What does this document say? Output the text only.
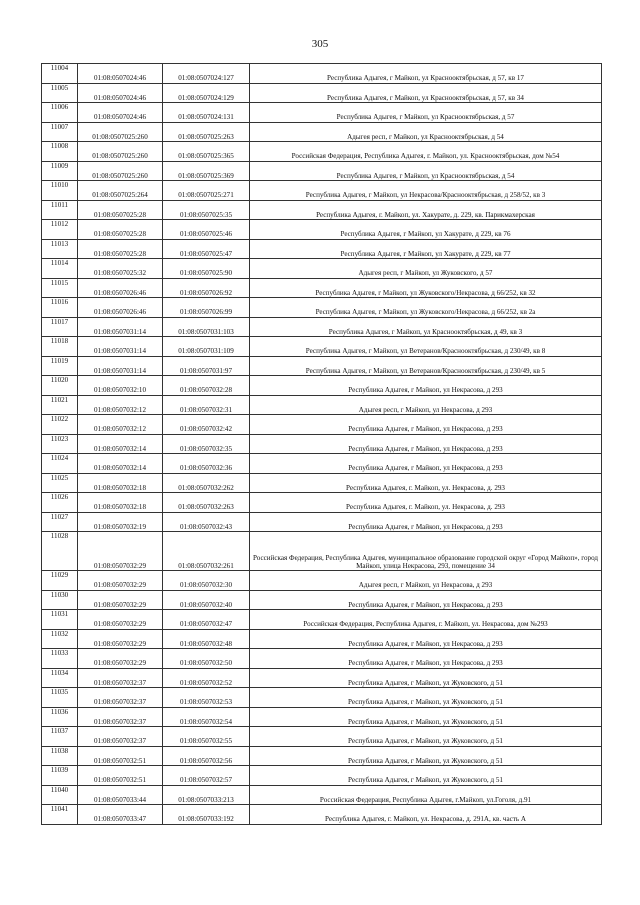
305
11004	01:08:0507024:46	01:08:0507024:127	Республика Адыгея, г Майкоп, ул Краснооктябрьская, д 57, кв 17
11005	01:08:0507024:46	01:08:0507024:129	Республика Адыгея, г Майкоп, ул Краснооктябрьская, д 57, кв 34
11006	01:08:0507024:46	01:08:0507024:131	Республика Адыгея, г Майкоп, ул Краснооктябрьская, д 57
11007	01:08:0507025:260	01:08:0507025:263	Адыгея респ, г Майкоп, ул Краснооктябрьская, д 54
11008	01:08:0507025:260	01:08:0507025:365	Российская Федерация, Республика Адыгея, г. Майкоп, ул. Краснооктябрьская, дом №54
11009	01:08:0507025:260	01:08:0507025:369	Республика Адыгея, г Майкоп, ул Краснооктябрьская, д 54
11010	01:08:0507025:264	01:08:0507025:271	Республика Адыгея, г Майкоп, ул Некрасова/Краснооктябрьская, д 258/52, кв 3
11011	01:08:0507025:28	01:08:0507025:35	Республика Адыгея, г. Майкоп, ул. Хакурате, д. 229, кв. Парикмахерская
11012	01:08:0507025:28	01:08:0507025:46	Республика Адыгея, г Майкоп, ул Хакурате, д 229, кв 76
11013	01:08:0507025:28	01:08:0507025:47	Республика Адыгея, г Майкоп, ул Хакурате, д 229, кв 77
11014	01:08:0507025:32	01:08:0507025:90	Адыгея респ, г Майкоп, ул Жуковского, д 57
11015	01:08:0507026:46	01:08:0507026:92	Республика Адыгея, г Майкоп, ул Жуковского/Некрасова, д 66/252, кв 32
11016	01:08:0507026:46	01:08:0507026:99	Республика Адыгея, г Майкоп, ул Жуковского/Некрасова, д 66/252, кв 2а
11017	01:08:0507031:14	01:08:0507031:103	Республика Адыгея, г Майкоп, ул Краснооктябрьская, д 49, кв 3
11018	01:08:0507031:14	01:08:0507031:109	Республика Адыгея, г Майкоп, ул Ветеранов/Краснооктябрьская, д 230/49, кв 8
11019	01:08:0507031:14	01:08:0507031:97	Республика Адыгея, г Майкоп, ул Ветеранов/Краснооктябрьская, д 230/49, кв 5
11020	01:08:0507032:10	01:08:0507032:28	Республика Адыгея, г Майкоп, ул Некрасова, д 293
11021	01:08:0507032:12	01:08:0507032:31	Адыгея респ, г Майкоп, ул Некрасова, д 293
11022	01:08:0507032:12	01:08:0507032:42	Республика Адыгея, г Майкоп, ул Некрасова, д 293
11023	01:08:0507032:14	01:08:0507032:35	Республика Адыгея, г Майкоп, ул Некрасова, д 293
11024	01:08:0507032:14	01:08:0507032:36	Республика Адыгея, г Майкоп, ул Некрасова, д 293
11025	01:08:0507032:18	01:08:0507032:262	Республика Адыгея, г. Майкоп, ул. Некрасова, д. 293
11026	01:08:0507032:18	01:08:0507032:263	Республика Адыгея, г. Майкоп, ул. Некрасова, д. 293
11027	01:08:0507032:19	01:08:0507032:43	Республика Адыгея, г Майкоп, ул Некрасова, д 293
11028	01:08:0507032:29	01:08:0507032:261	Российская Федерация, Республика Адыгея, муниципальное образование городской округ «Город Майкоп», город Майкоп, улица Некрасова, 293, помещение 34
11029	01:08:0507032:29	01:08:0507032:30	Адыгея респ, г Майкоп, ул Некрасова, д 293
11030	01:08:0507032:29	01:08:0507032:40	Республика Адыгея, г Майкоп, ул Некрасова, д 293
11031	01:08:0507032:29	01:08:0507032:47	Российская Федерация, Республика Адыгея, г. Майкоп, ул. Некрасова, дом №293
11032	01:08:0507032:29	01:08:0507032:48	Республика Адыгея, г Майкоп, ул Некрасова, д 293
11033	01:08:0507032:29	01:08:0507032:50	Республика Адыгея, г Майкоп, ул Некрасова, д 293
11034	01:08:0507032:37	01:08:0507032:52	Республика Адыгея, г Майкоп, ул Жуковского, д 51
11035	01:08:0507032:37	01:08:0507032:53	Республика Адыгея, г Майкоп, ул Жуковского, д 51
11036	01:08:0507032:37	01:08:0507032:54	Республика Адыгея, г Майкоп, ул Жуковского, д 51
11037	01:08:0507032:37	01:08:0507032:55	Республика Адыгея, г Майкоп, ул Жуковского, д 51
11038	01:08:0507032:51	01:08:0507032:56	Республика Адыгея, г Майкоп, ул Жуковского, д 51
11039	01:08:0507032:51	01:08:0507032:57	Республика Адыгея, г Майкоп, ул Жуковского, д 51
11040	01:08:0507033:44	01:08:0507033:213	Российская Федерация, Республика Адыгея, г.Майкоп, ул.Гоголя, д.91
11041	01:08:0507033:47	01:08:0507033:192	Республика Адыгея, г. Майкоп, ул. Некрасова, д. 291А, кв. часть А
